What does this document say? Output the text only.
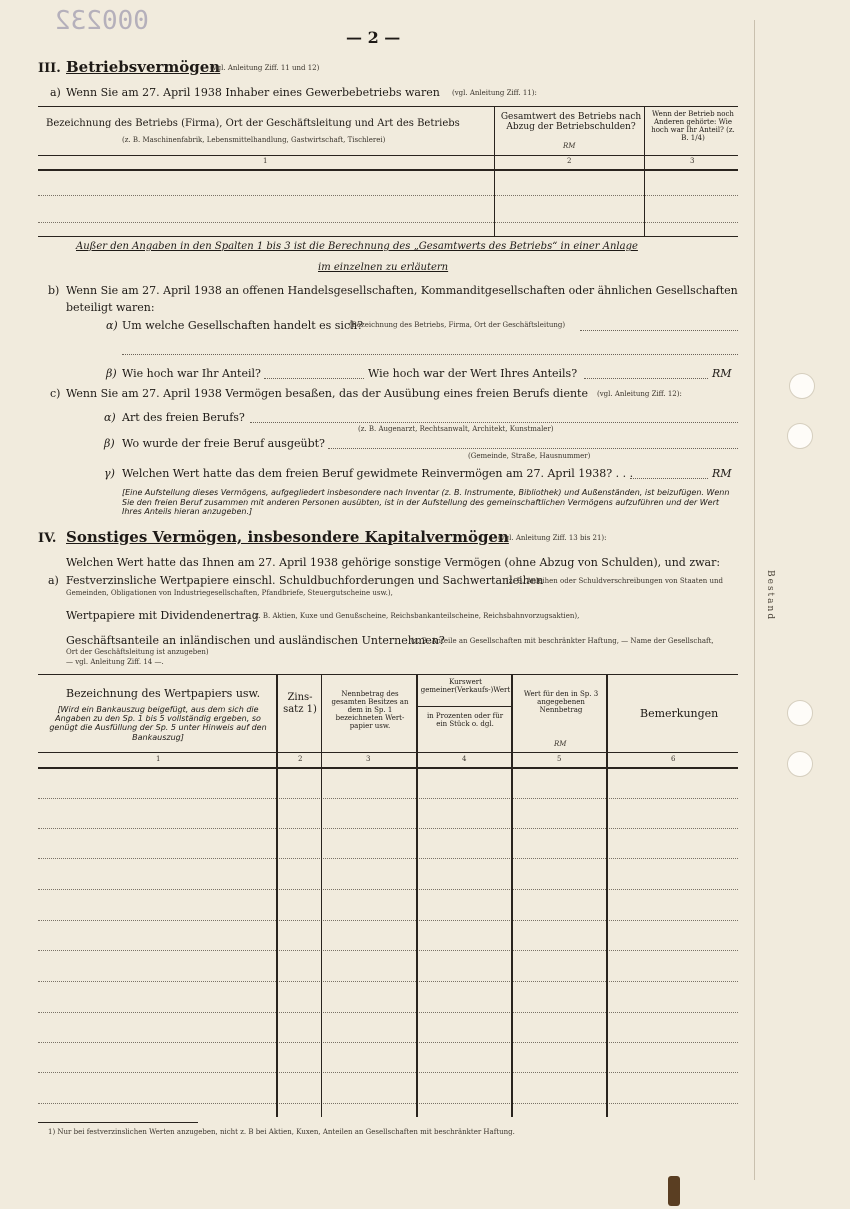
000232
— 2 —
Bestand
III. Betriebsvermögen
(vgl. Anleitung Ziff. 11 und 12)
a) Wenn Sie am 27. April 1938 Inhaber eines Gewerbebetriebs waren (vgl. Anleitung Ziff. 11):
Bezeichnung des Betriebs (Firma), Ort der Geschäftsleitung und Art des Betriebs
(z. B. Maschinenfabrik, Lebensmittelhandlung, Gastwirtschaft, Tischlerei)
Gesamtwert des Betriebs nach Abzug der Betriebschulden?
RM
Wenn der Betrieb noch Anderen gehörte: Wie hoch war Ihr Anteil? (z. B. 1/4)
1	2	3
Außer den Angaben in den Spalten 1 bis 3 ist die Berechnung des „Gesamtwerts des Betriebs“ in einer Anlage
im einzelnen zu erläutern
b) Wenn Sie am 27. April 1938 an offenen Handelsgesellschaften, Kommanditgesellschaften oder ähnlichen Gesellschaften
beteiligt waren:
α) Um welche Gesellschaften handelt es sich?
(Bezeichnung des Betriebs, Firma, Ort der Geschäftsleitung)
β) Wie hoch war Ihr Anteil?	Wie hoch war der Wert Ihres Anteils?	RM
c) Wenn Sie am 27. April 1938 Vermögen besaßen, das der Ausübung eines freien Berufs diente (vgl. Anleitung Ziff. 12):
α) Art des freien Berufs?
(z. B. Augenarzt, Rechtsanwalt, Architekt, Kunstmaler)
β) Wo wurde der freie Beruf ausgeübt?
(Gemeinde, Straße, Hausnummer)
γ) Welchen Wert hatte das dem freien Beruf gewidmete Reinvermögen am 27. April 1938? . . .	RM
[Eine Aufstellung dieses Vermögens, aufgegliedert insbesondere nach Inventar (z. B. Instrumente, Bibliothek) und Außenständen, ist beizufügen. Wenn Sie den freien Beruf zusammen mit anderen Personen ausübten, ist in der Aufstellung des gemeinschaftlichen Vermögens aufzuführen und der Wert Ihres Anteils hieran anzugeben.]
IV. Sonstiges Vermögen, insbesondere Kapitalvermögen
(vgl. Anleitung Ziff. 13 bis 21):
Welchen Wert hatte das Ihnen am 27. April 1938 gehörige sonstige Vermögen (ohne Abzug von Schulden), und zwar:
a) Festverzinsliche Wertpapiere einschl. Schuldbuchforderungen und Sachwertanleihen
(z. B. Anleihen oder Schuldverschreibungen von Staaten und
Gemeinden, Obligationen von Industriegesellschaften, Pfandbriefe, Steuergutscheine usw.),
Wertpapiere mit Dividendenertrag
(z. B. Aktien, Kuxe und Genußscheine, Reichsbankanteilscheine, Reichsbahnvorzugsaktien),
Geschäftsanteile an inländischen und ausländischen Unternehmen?
(z. B. Anteile an Gesellschaften mit beschränkter Haftung, — Name der Gesellschaft,
Ort der Geschäftsleitung ist anzugeben)
— vgl. Anleitung Ziff. 14 —.
Bezeichnung des Wertpapiers usw.
[Wird ein Bankauszug beigefügt, aus dem sich die Angaben zu den Sp. 1 bis 5 vollständig ergeben, so genügt die Ausfüllung der Sp. 5 unter Hinweis auf den Bankauszug]
Zins-satz 1)
Nennbetrag des gesamten Besitzes an dem in Sp. 1 bezeichneten Wert-papier usw.
Kurswert gemeiner(Verkaufs-)Wert
in Prozenten oder für ein Stück o. dgl.
Wert für den in Sp. 3 angegebenen Nennbetrag
RM
Bemerkungen
1	2	3	4	5	6
1) Nur bei festverzinslichen Werten anzugeben, nicht z. B bei Aktien, Kuxen, Anteilen an Gesellschaften mit beschränkter Haftung.
